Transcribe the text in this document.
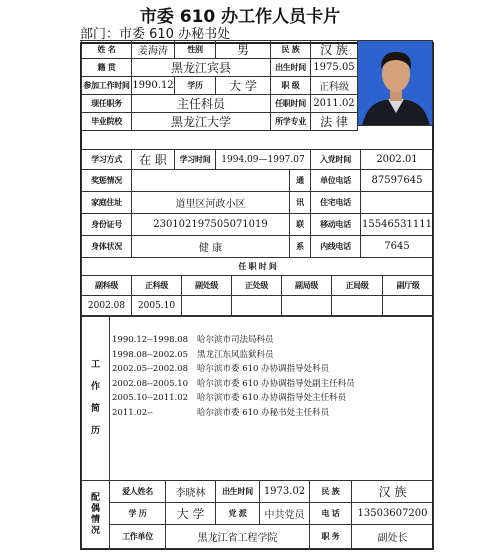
市委 610 办工作人员卡片
部门：市委 610 办秘书处
姓 名	姜海涛	性别	男	民 族	汉 族
籍 贯	黑龙江宾县			出生时间	1975.05
参加工作时间	1990.12	学历	大 学	职 级	正科级
现任职务	主任科员			任职时间	2011.02
毕业院校	黑龙江大学			所学专业	法 律
学习方式	在 职	学习时间	1994.09—1997.07		入党时间	2002.01
奖惩情况				通	单位电话	87597645
家庭住址	道里区河政小区			讯	住宅电话	
身份证号	230102197505071019			联	移动电话	15546531111
身体状况	健 康			系	内线电话	7645
任 职 时 间						
副科级	正科级	副处级	正处级	副局级	正局级	副厅级
2002.08	2005.10					
工

作

简

历

1990.12--1998.08	哈尔滨市司法局科员
1998.08--2002.05	黑龙江东风监狱科员
2002.05--2002.08	哈尔滨市委 610 办协调指导处科员
2002.08--2005.10	哈尔滨市委 610 办协调指导处副主任科员
2005.10--2011.02	哈尔滨市委 610 办协调指导处主任科员
2011.02--	哈尔滨市委 610 办秘书处主任科员
配
偶
情
况	爱人姓名	李晓林	出生时间	1973.02	民 族	汉 族
	学 历	大 学	党 派	中共党员	电 话	13503607200
	工作单位	黑龙江省工程学院			职 务	副处长
